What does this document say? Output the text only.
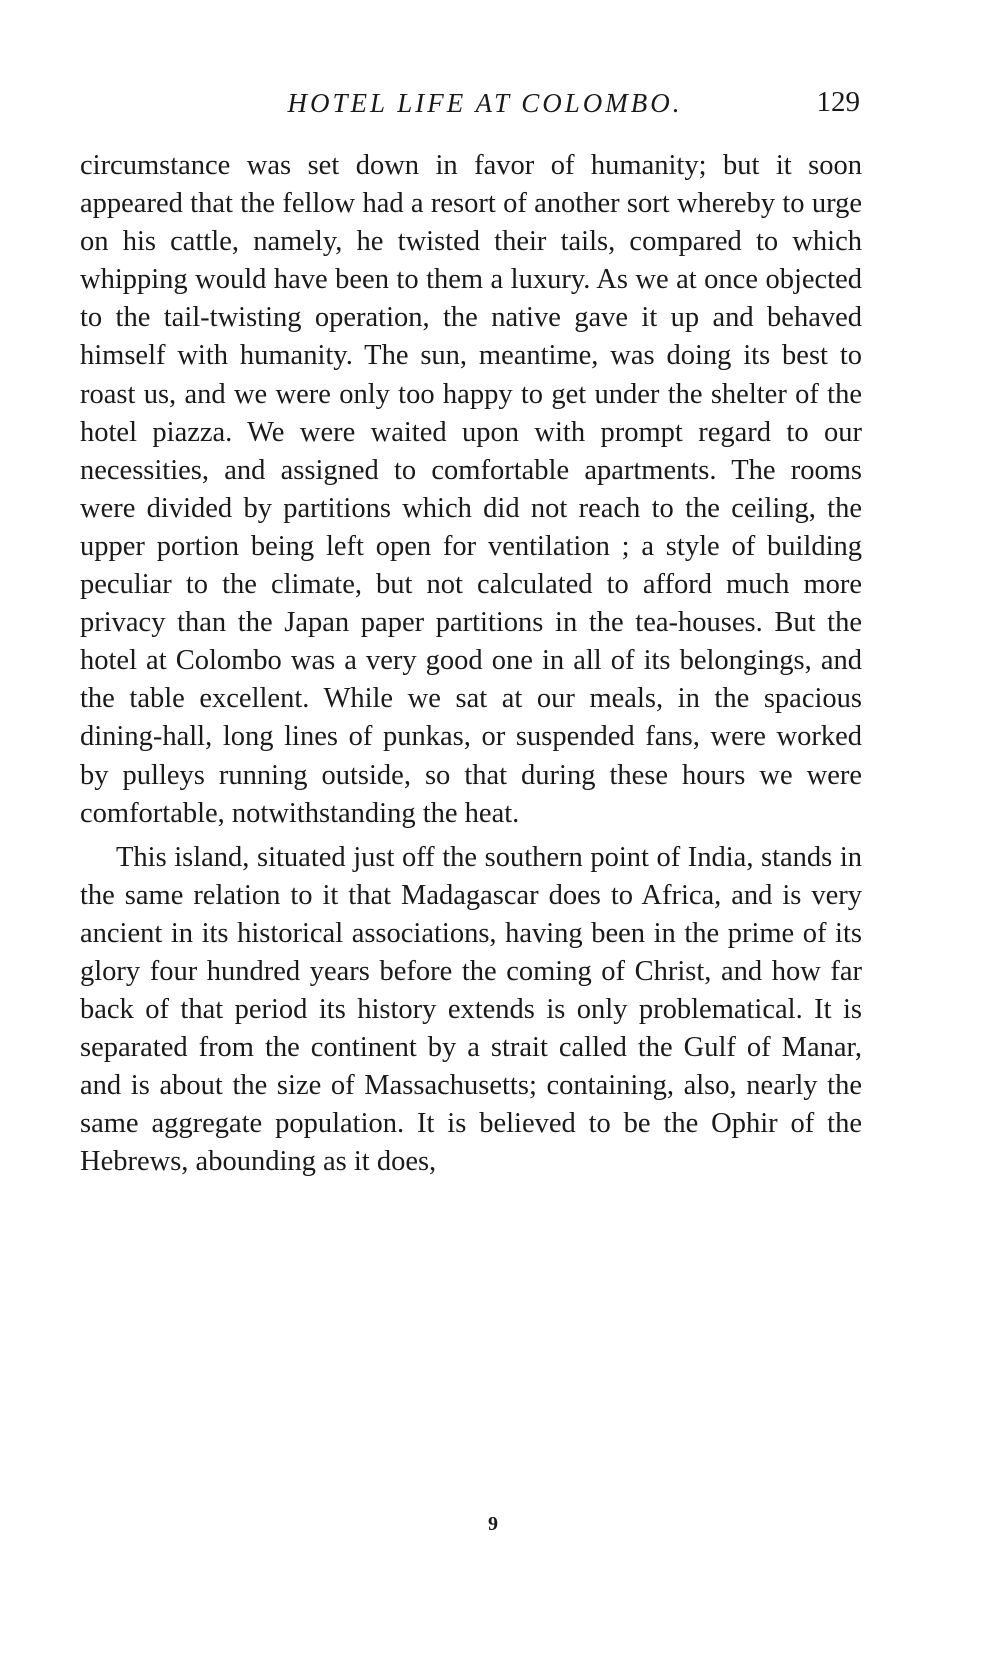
HOTEL LIFE AT COLOMBO.	129

circumstance was set down in favor of humanity; but it soon appeared that the fellow had a resort of another sort whereby to urge on his cattle, namely, he twisted their tails, compared to which whipping would have been to them a luxury. As we at once objected to the tail-twisting operation, the native gave it up and behaved himself with humanity. The sun, meantime, was doing its best to roast us, and we were only too happy to get under the shelter of the hotel piazza. We were waited upon with prompt regard to our necessities, and assigned to comfortable apartments. The rooms were divided by partitions which did not reach to the ceiling, the upper portion being left open for ventilation ; a style of building peculiar to the climate, but not calculated to afford much more privacy than the Japan paper partitions in the tea-houses. But the hotel at Colombo was a very good one in all of its belongings, and the table excellent. While we sat at our meals, in the spacious dining-hall, long lines of punkas, or suspended fans, were worked by pulleys running outside, so that during these hours we were comfortable, notwithstanding the heat.

This island, situated just off the southern point of India, stands in the same relation to it that Madagascar does to Africa, and is very ancient in its historical associations, having been in the prime of its glory four hundred years before the coming of Christ, and how far back of that period its history extends is only problematical. It is separated from the continent by a strait called the Gulf of Manar, and is about the size of Massachusetts; containing, also, nearly the same aggregate population. It is believed to be the Ophir of the Hebrews, abounding as it does,

9
